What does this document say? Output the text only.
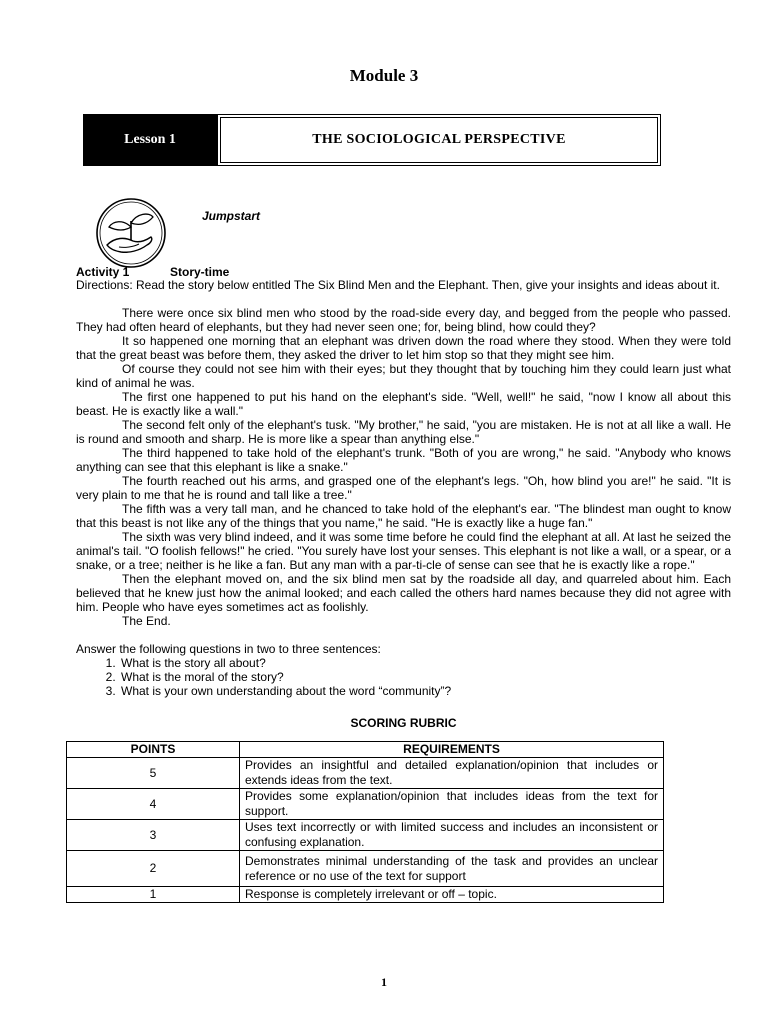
Module 3
Lesson 1	THE SOCIOLOGICAL PERSPECTIVE
Jumpstart
Activity 1	Story-time

Directions: Read the story below entitled The Six Blind Men and the Elephant. Then, give your insights and ideas about it.

There were once six blind men who stood by the road-side every day, and begged from the people who passed. They had often heard of elephants, but they had never seen one; for, being blind, how could they?

It so happened one morning that an elephant was driven down the road where they stood. When they were told that the great beast was before them, they asked the driver to let him stop so that they might see him.

Of course they could not see him with their eyes; but they thought that by touching him they could learn just what kind of animal he was.

The first one happened to put his hand on the elephant's side. "Well, well!" he said, "now I know all about this beast. He is exactly like a wall."

The second felt only of the elephant's tusk. "My brother," he said, "you are mistaken. He is not at all like a wall. He is round and smooth and sharp. He is more like a spear than anything else."

The third happened to take hold of the elephant's trunk. "Both of you are wrong," he said. "Anybody who knows anything can see that this elephant is like a snake."

The fourth reached out his arms, and grasped one of the elephant's legs. "Oh, how blind you are!" he said. "It is very plain to me that he is round and tall like a tree."

The fifth was a very tall man, and he chanced to take hold of the elephant's ear. "The blindest man ought to know that this beast is not like any of the things that you name," he said. "He is exactly like a huge fan."

The sixth was very blind indeed, and it was some time before he could find the elephant at all. At last he seized the animal's tail. "O foolish fellows!" he cried. "You surely have lost your senses. This elephant is not like a wall, or a spear, or a snake, or a tree; neither is he like a fan. But any man with a par-ti-cle of sense can see that he is exactly like a rope."

Then the elephant moved on, and the six blind men sat by the roadside all day, and quarreled about him. Each believed that he knew just how the animal looked; and each called the others hard names because they did not agree with him. People who have eyes sometimes act as foolishly.

The End.

Answer the following questions in two to three sentences:

1. What is the story all about?
2. What is the moral of the story?
3. What is your own understanding about the word “community”?
SCORING RUBRIC
POINTS	REQUIREMENTS
5	Provides an insightful and detailed explanation/opinion that includes or extends ideas from the text.
4	Provides some explanation/opinion that includes ideas from the text for support.
3	Uses text incorrectly or with limited success and includes an inconsistent or confusing explanation.
2	Demonstrates minimal understanding of the task and provides an unclear reference or no use of the text for support
1	Response is completely irrelevant or off – topic.
1
